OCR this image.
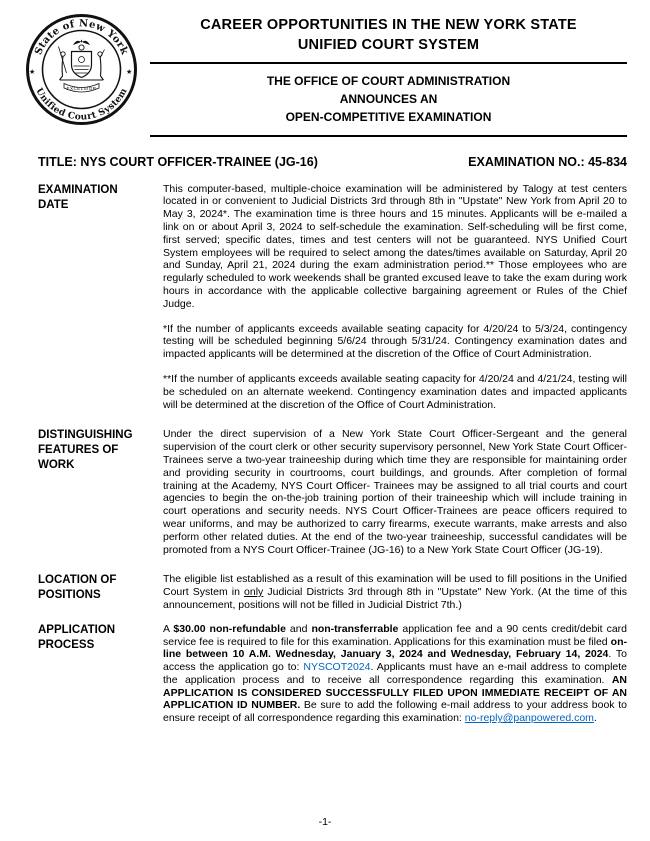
State of New York
Unified Court System
★	★
EXCELSIOR
CAREER OPPORTUNITIES IN THE NEW YORK STATE
UNIFIED COURT SYSTEM
THE OFFICE OF COURT ADMINISTRATION
ANNOUNCES AN
OPEN-COMPETITIVE EXAMINATION
TITLE: NYS COURT OFFICER-TRAINEE (JG-16)	EXAMINATION NO.: 45-834
EXAMINATION DATE

This computer-based, multiple-choice examination will be administered by Talogy at test centers located in or convenient to Judicial Districts 3rd through 8th in "Upstate" New York from April 20 to May 3, 2024*. The examination time is three hours and 15 minutes. Applicants will be e-mailed a link on or about April 3, 2024 to self-schedule the examination. Self-scheduling will be first come, first served; specific dates, times and test centers will not be guaranteed. NYS Unified Court System employees will be required to select among the dates/times available on Saturday, April 20 and Sunday, April 21, 2024 during the exam administration period.** Those employees who are regularly scheduled to work weekends shall be granted excused leave to take the exam during work hours in accordance with the applicable collective bargaining agreement or Rules of the Chief Judge.

*If the number of applicants exceeds available seating capacity for 4/20/24 to 5/3/24, contingency testing will be scheduled beginning 5/6/24 through 5/31/24. Contingency examination dates and impacted applicants will be determined at the discretion of the Office of Court Administration.

**If the number of applicants exceeds available seating capacity for 4/20/24 and 4/21/24, testing will be scheduled on an alternate weekend. Contingency examination dates and impacted applicants will be determined at the discretion of the Office of Court Administration.

DISTINGUISHING FEATURES OF WORK

Under the direct supervision of a New York State Court Officer-Sergeant and the general supervision of the court clerk or other security supervisory personnel, New York State Court Officer-Trainees serve a two-year traineeship during which time they are responsible for maintaining order and providing security in courtrooms, court buildings, and grounds. After completion of formal training at the Academy, NYS Court Officer- Trainees may be assigned to all trial courts and court agencies to begin the on-the-job training portion of their traineeship which will include training in court operations and security needs. NYS Court Officer-Trainees are peace officers required to wear uniforms, and may be authorized to carry firearms, execute warrants, make arrests and also perform other related duties. At the end of the two-year traineeship, successful candidates will be promoted from a NYS Court Officer-Trainee (JG-16) to a New York State Court Officer (JG-19).

LOCATION OF POSITIONS

The eligible list established as a result of this examination will be used to fill positions in the Unified Court System in only Judicial Districts 3rd through 8th in "Upstate" New York. (At the time of this announcement, positions will not be filled in Judicial District 7th.)

APPLICATION PROCESS

A $30.00 non-refundable and non-transferrable application fee and a 90 cents credit/debit card service fee is required to file for this examination. Applications for this examination must be filed on-line between 10 A.M. Wednesday, January 3, 2024 and Wednesday, February 14, 2024. To access the application go to: NYSCOT2024. Applicants must have an e-mail address to complete the application process and to receive all correspondence regarding this examination. AN APPLICATION IS CONSIDERED SUCCESSFULLY FILED UPON IMMEDIATE RECEIPT OF AN APPLICATION ID NUMBER. Be sure to add the following e-mail address to your address book to ensure receipt of all correspondence regarding this examination: no-reply@panpowered.com.

-1-
